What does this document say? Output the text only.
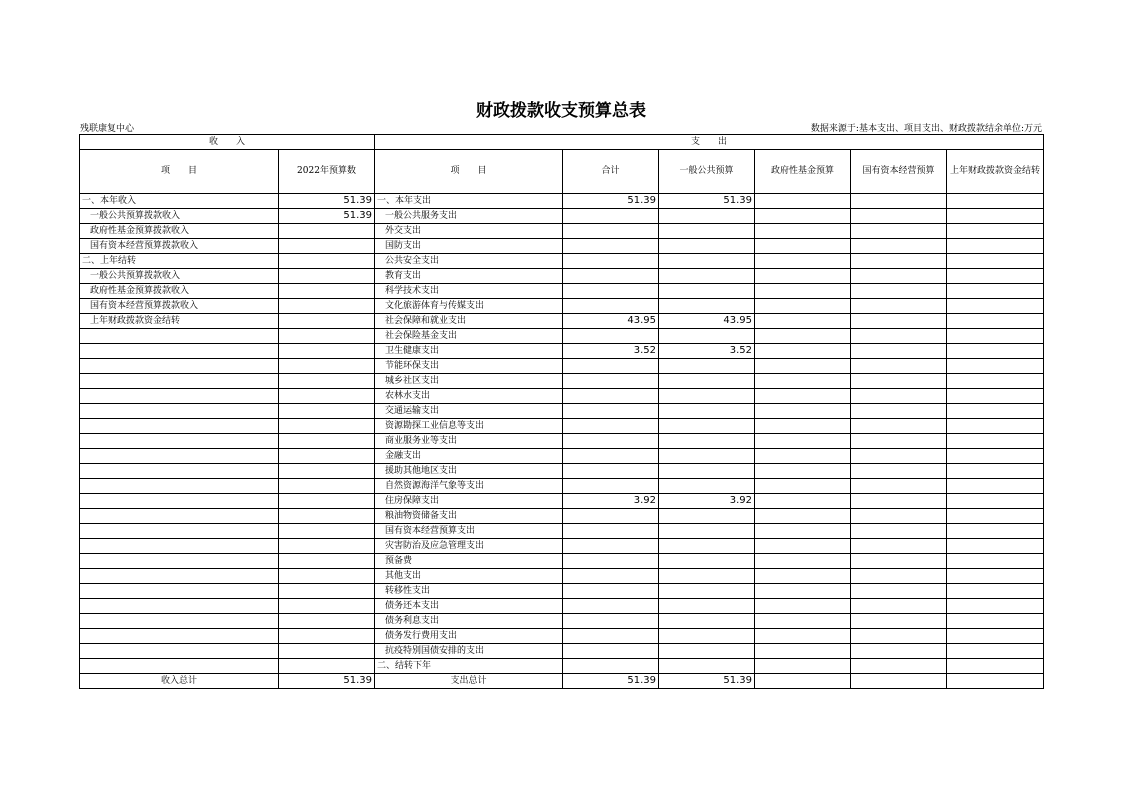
财政拨款收支预算总表
残联康复中心	数据来源于:基本支出、项目支出、财政拨款结余单位:万元
收　　入		支　　出					
项　　目	2022年预算数	项　　目	合计	一般公共预算	政府性基金预算	国有资本经营预算	上年财政拨款资金结转
一、本年收入	51.39	一、本年支出	51.39	51.39			
一般公共预算拨款收入	51.39	一般公共服务支出					
政府性基金预算拨款收入		外交支出					
国有资本经营预算拨款收入		国防支出					
二、上年结转		公共安全支出					
一般公共预算拨款收入		教育支出					
政府性基金预算拨款收入		科学技术支出					
国有资本经营预算拨款收入		文化旅游体育与传媒支出					
上年财政拨款资金结转		社会保障和就业支出	43.95	43.95			
		社会保险基金支出					
		卫生健康支出	3.52	3.52			
		节能环保支出					
		城乡社区支出					
		农林水支出					
		交通运输支出					
		资源勘探工业信息等支出					
		商业服务业等支出					
		金融支出					
		援助其他地区支出					
		自然资源海洋气象等支出					
		住房保障支出	3.92	3.92			
		粮油物资储备支出					
		国有资本经营预算支出					
		灾害防治及应急管理支出					
		预备费					
		其他支出					
		转移性支出					
		债务还本支出					
		债务利息支出					
		债务发行费用支出					
		抗疫特别国债安排的支出					
		二、结转下年					
收入总计	51.39	支出总计	51.39	51.39			
